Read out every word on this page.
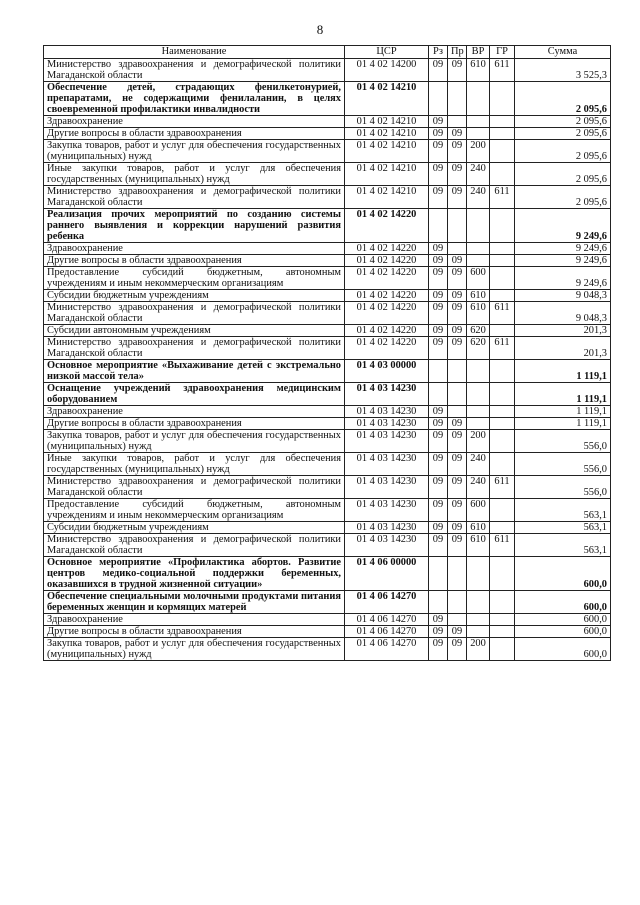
8
Наименование	ЦСР	Рз	Пр	ВР	ГР	Сумма
Министерство здравоохранения и демографической политики Магаданской области	01 4 02 14200	09	09	610	611	3 525,3
Обеспечение детей, страдающих фенилкетонурией, препаратами, не содержащими фенилаланин, в целях своевременной профилактики инвалидности	01 4 02 14210					2 095,6
Здравоохранение	01 4 02 14210	09				2 095,6
Другие вопросы в области здравоохранения	01 4 02 14210	09	09			2 095,6
Закупка товаров, работ и услуг для обеспечения государственных (муниципальных) нужд	01 4 02 14210	09	09	200		2 095,6
Иные закупки товаров, работ и услуг для обеспечения государственных (муниципальных) нужд	01 4 02 14210	09	09	240		2 095,6
Министерство здравоохранения и демографической политики Магаданской области	01 4 02 14210	09	09	240	611	2 095,6
Реализация прочих мероприятий по созданию системы раннего выявления и коррекции нарушений развития ребенка	01 4 02 14220					9 249,6
Здравоохранение	01 4 02 14220	09				9 249,6
Другие вопросы в области здравоохранения	01 4 02 14220	09	09			9 249,6
Предоставление субсидий бюджетным, автономным учреждениям и иным некоммерческим организациям	01 4 02 14220	09	09	600		9 249,6
Субсидии бюджетным учреждениям	01 4 02 14220	09	09	610		9 048,3
Министерство здравоохранения и демографической политики Магаданской области	01 4 02 14220	09	09	610	611	9 048,3
Субсидии автономным учреждениям	01 4 02 14220	09	09	620		201,3
Министерство здравоохранения и демографической политики Магаданской области	01 4 02 14220	09	09	620	611	201,3
Основное мероприятие «Выхаживание детей с экстремально низкой массой тела»	01 4 03 00000					1 119,1
Оснащение учреждений здравоохранения медицинским оборудованием	01 4 03 14230					1 119,1
Здравоохранение	01 4 03 14230	09				1 119,1
Другие вопросы в области здравоохранения	01 4 03 14230	09	09			1 119,1
Закупка товаров, работ и услуг для обеспечения государственных (муниципальных) нужд	01 4 03 14230	09	09	200		556,0
Иные закупки товаров, работ и услуг для обеспечения государственных (муниципальных) нужд	01 4 03 14230	09	09	240		556,0
Министерство здравоохранения и демографической политики Магаданской области	01 4 03 14230	09	09	240	611	556,0
Предоставление субсидий бюджетным, автономным учреждениям и иным некоммерческим организациям	01 4 03 14230	09	09	600		563,1
Субсидии бюджетным учреждениям	01 4 03 14230	09	09	610		563,1
Министерство здравоохранения и демографической политики Магаданской области	01 4 03 14230	09	09	610	611	563,1
Основное мероприятие «Профилактика абортов. Развитие центров медико-социальной поддержки беременных, оказавшихся в трудной жизненной ситуации»	01 4 06 00000					600,0
Обеспечение специальными молочными продуктами питания беременных женщин и кормящих матерей	01 4 06 14270					600,0
Здравоохранение	01 4 06 14270	09				600,0
Другие вопросы в области здравоохранения	01 4 06 14270	09	09			600,0
Закупка товаров, работ и услуг для обеспечения государственных (муниципальных) нужд	01 4 06 14270	09	09	200		600,0
